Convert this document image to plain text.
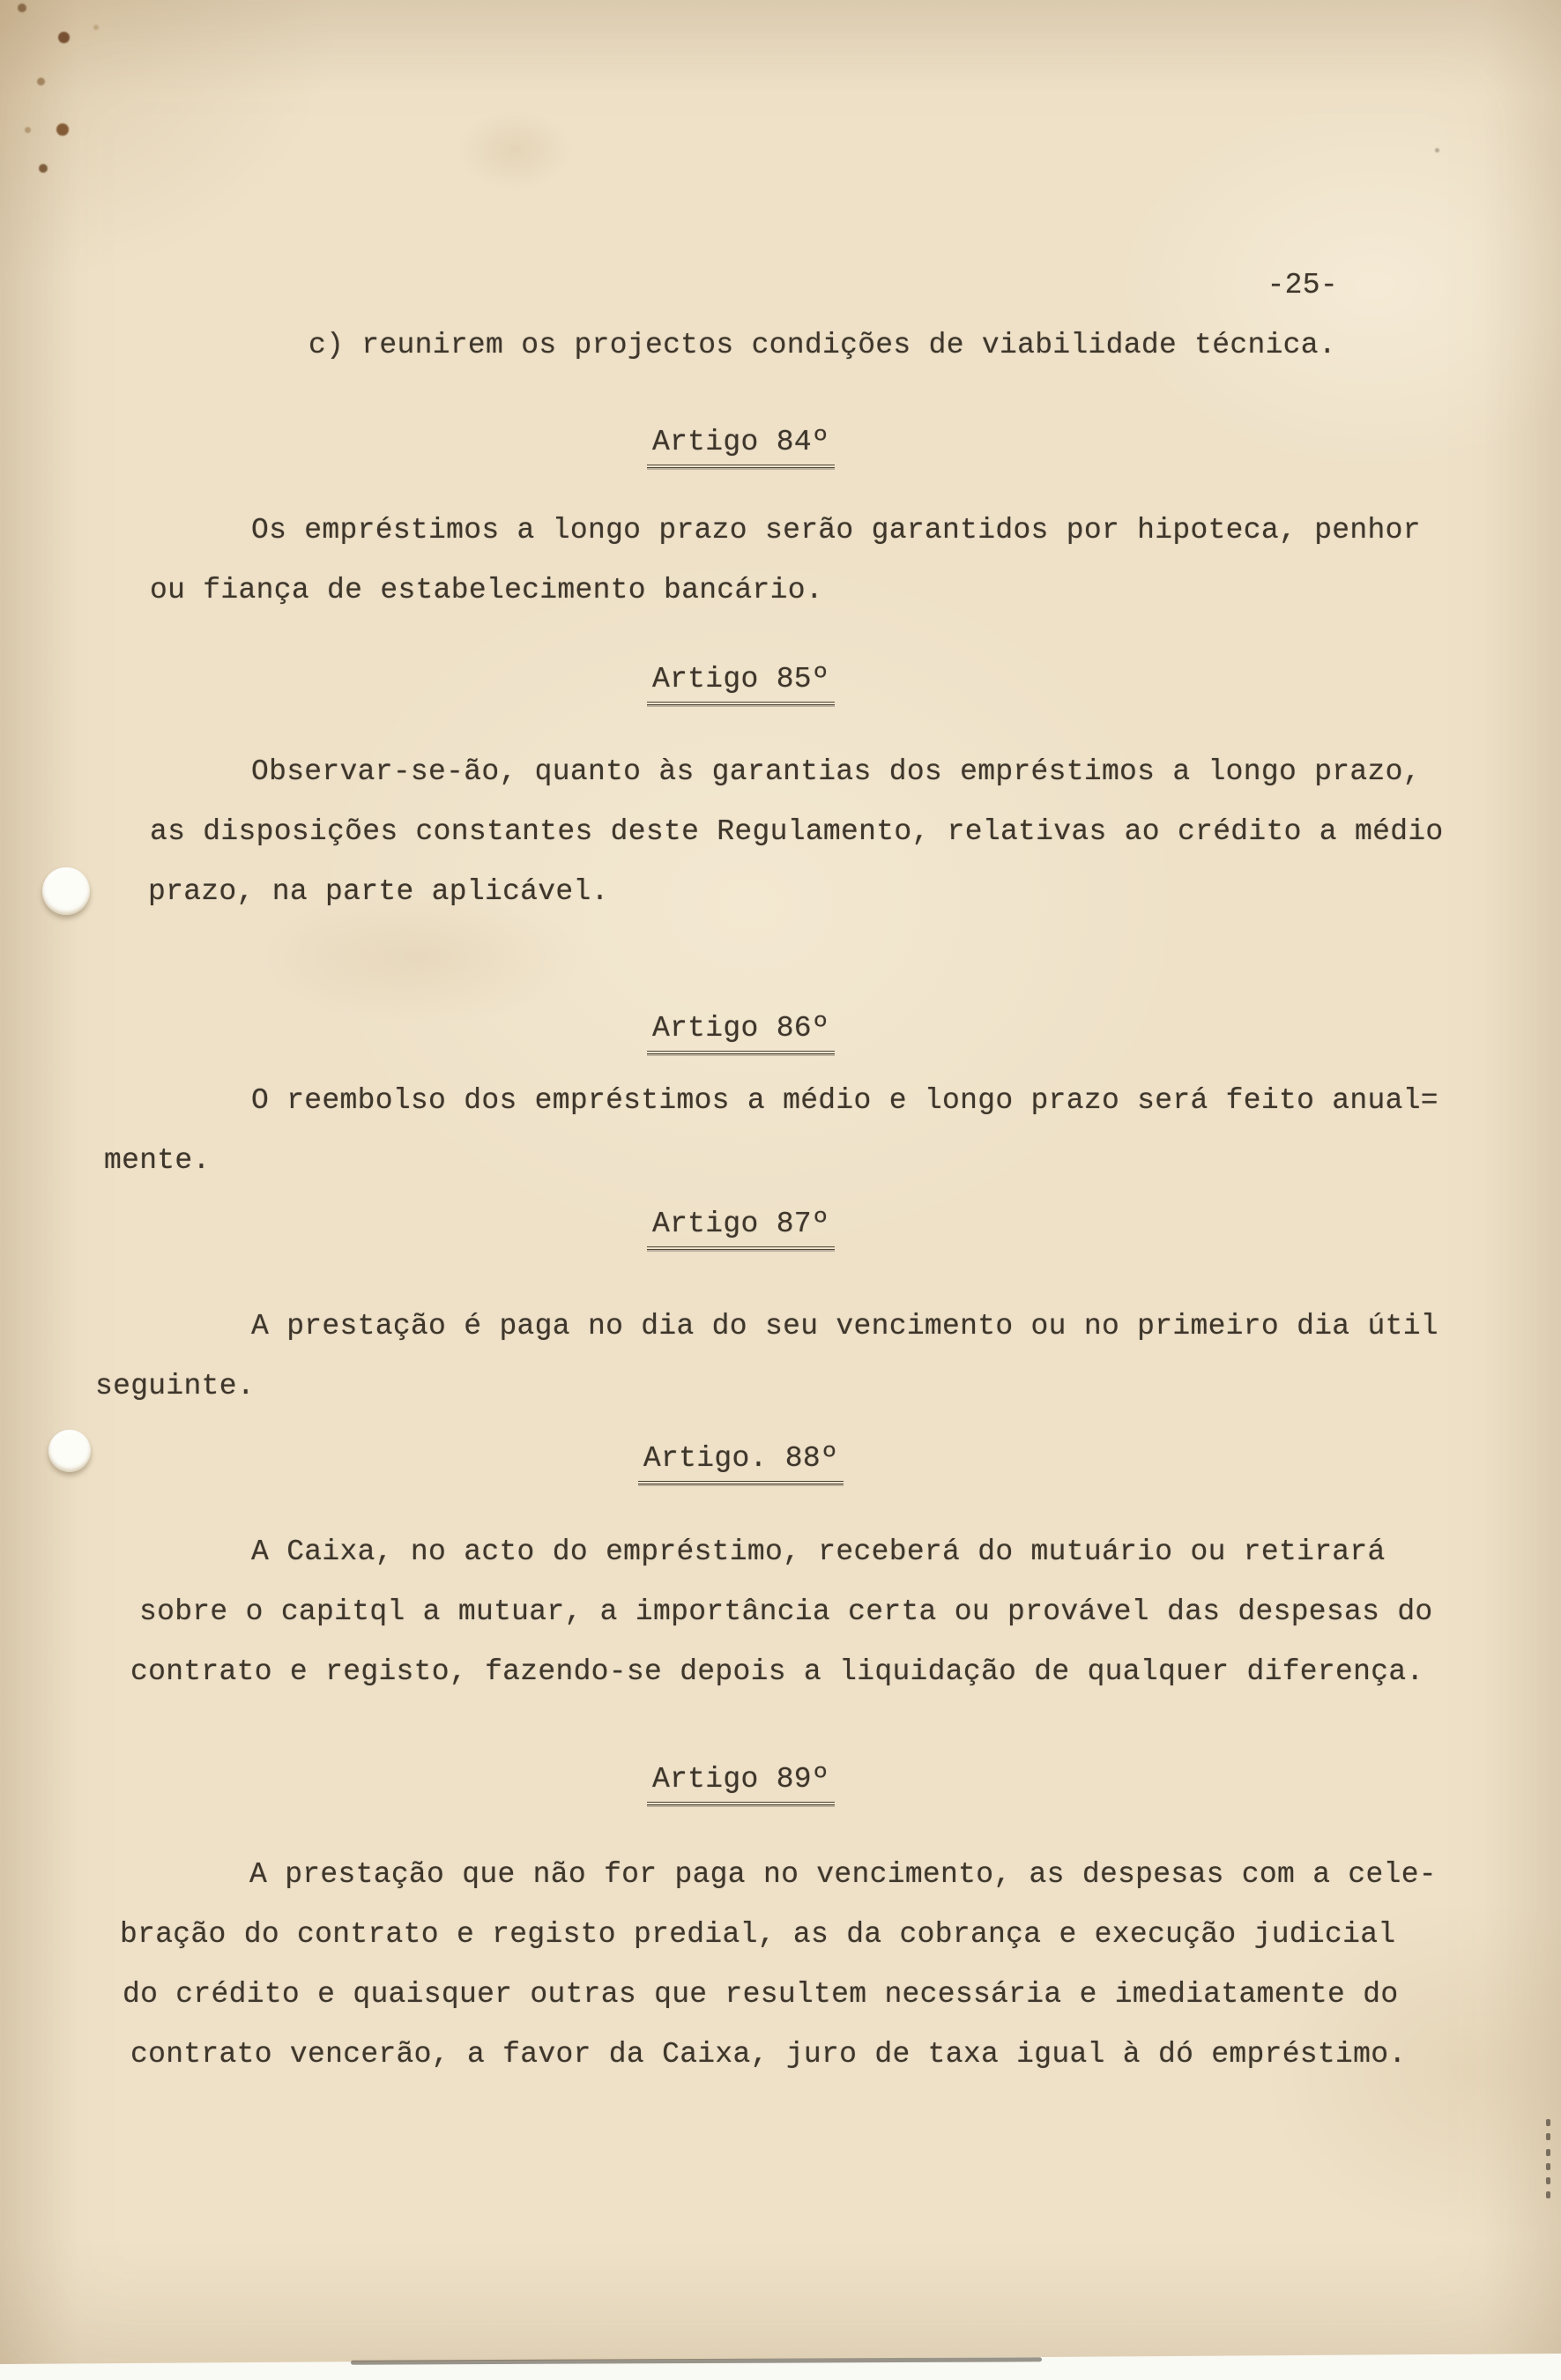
-25-
c) reunirem os projectos condições de viabilidade técnica.
Artigo 84º
Os empréstimos a longo prazo serão garantidos por hipoteca, penhor
ou fiança de estabelecimento bancário.
Artigo 85º
Observar-se-ão, quanto às garantias dos empréstimos a longo prazo,
as disposições constantes deste Regulamento, relativas ao crédito a médio
prazo, na parte aplicável.
Artigo 86º
O reembolso dos empréstimos a médio e longo prazo será feito anual=
mente.
Artigo 87º
A prestação é paga no dia do seu vencimento ou no primeiro dia útil
seguinte.
Artigo. 88º
A Caixa, no acto do empréstimo, receberá do mutuário ou retirará
sobre o capitql a mutuar, a importância certa ou provável das despesas do
contrato e registo, fazendo-se depois a liquidação de qualquer diferença.
Artigo 89º
A prestação que não for paga no vencimento, as despesas com a cele-
bração do contrato e registo predial, as da cobrança e execução judicial
do crédito e quaisquer outras que resultem necessária e imediatamente do
contrato vencerão, a favor da Caixa, juro de taxa igual à dó empréstimo.
